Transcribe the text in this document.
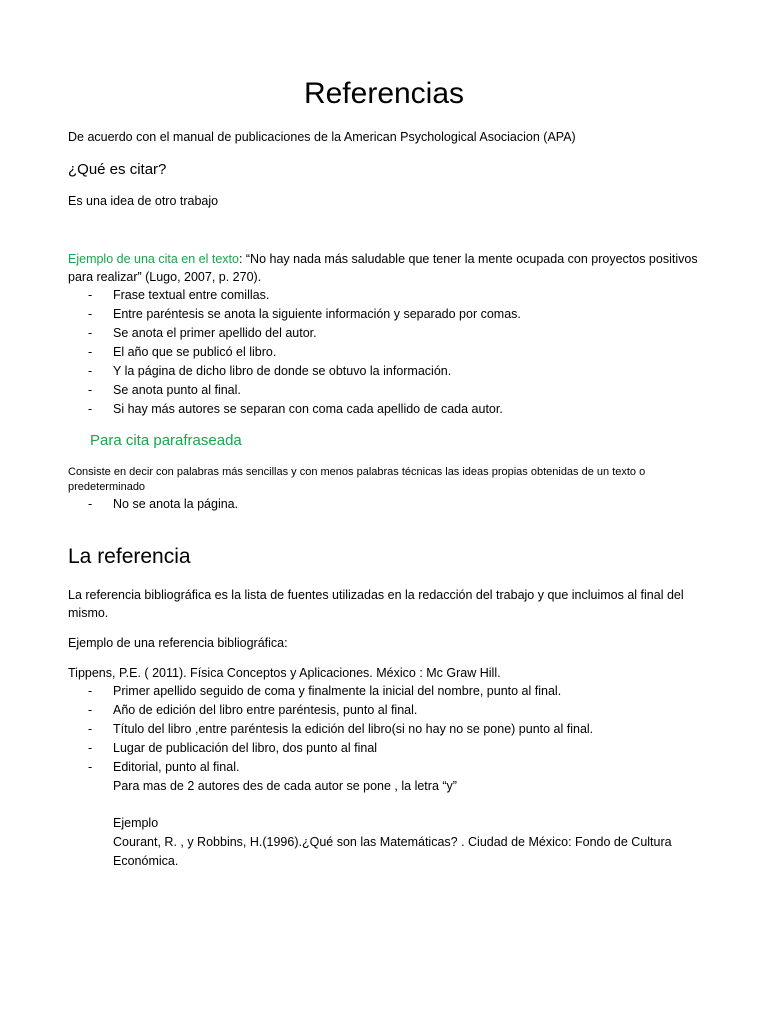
Referencias

De acuerdo con el manual de publicaciones de la American Psychological Asociacion (APA)

¿Qué es citar?

Es una idea de otro trabajo

Ejemplo de una cita en el texto: “No hay nada más saludable que tener la mente ocupada con proyectos positivos para realizar” (Lugo, 2007, p. 270).

- Frase textual entre comillas.
- Entre paréntesis se anota la siguiente información y separado por comas.
- Se anota el primer apellido del autor.
- El año que se publicó el libro.
- Y la página de dicho libro de donde se obtuvo la información.
- Se anota punto al final.
- Si hay más autores se separan con coma cada apellido de cada autor.

Para cita parafraseada

Consiste en decir con palabras más sencillas y con menos palabras técnicas las ideas propias obtenidas de un texto o predeterminado

- No se anota la página.

La referencia

La referencia bibliográfica es la lista de fuentes utilizadas en la redacción del trabajo y que incluimos al final del mismo.

Ejemplo de una referencia bibliográfica:

Tippens, P.E. ( 2011). Física Conceptos y Aplicaciones. México : Mc Graw Hill.

- Primer apellido seguido de coma y finalmente la inicial del nombre, punto al final.
- Año de edición del libro entre paréntesis, punto al final.
- Título del libro ,entre paréntesis la edición del libro(si no hay no se pone) punto al final.
- Lugar de publicación del libro, dos punto al final
- Editorial, punto al final.
Para mas de 2 autores des de cada autor se pone , la letra “y”
Ejemplo
Courant, R. , y Robbins, H.(1996).¿Qué son las Matemáticas? . Ciudad de México: Fondo de Cultura Económica.
